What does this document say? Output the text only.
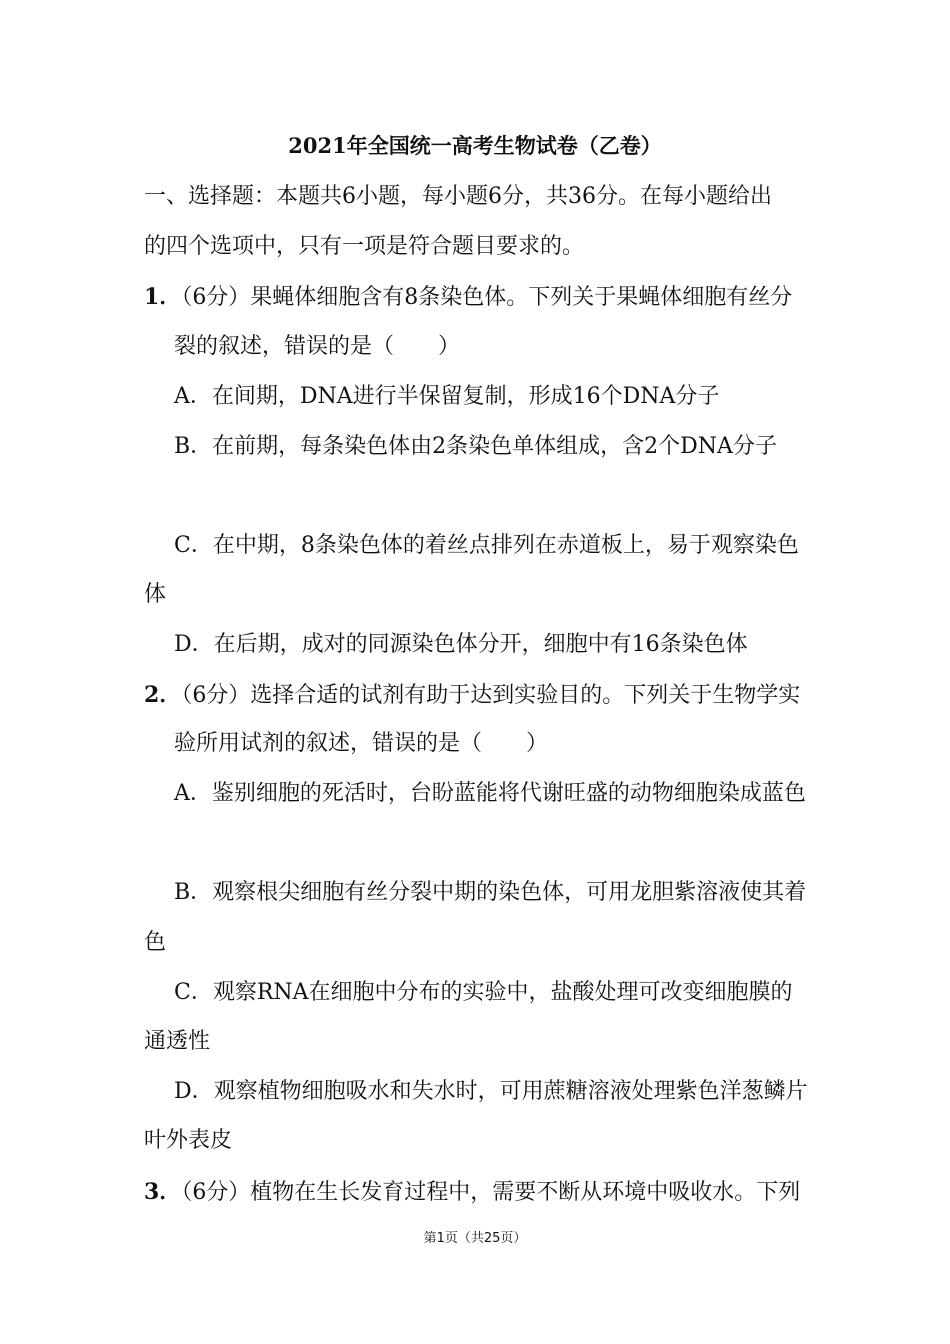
2021年全国统一高考生物试卷（乙卷）
一、选择题：本题共6小题，每小题6分，共36分。在每小题给出
的四个选项中，只有一项是符合题目要求的。
1．（6分）果蝇体细胞含有8条染色体。下列关于果蝇体细胞有丝分
裂的叙述，错误的是（　　）
A．在间期，DNA进行半保留复制，形成16个DNA分子
B．在前期，每条染色体由2条染色单体组成，含2个DNA分子
C．在中期，8条染色体的着丝点排列在赤道板上，易于观察染色
体
D．在后期，成对的同源染色体分开，细胞中有16条染色体
2．（6分）选择合适的试剂有助于达到实验目的。下列关于生物学实
验所用试剂的叙述，错误的是（　　）
A．鉴别细胞的死活时，台盼蓝能将代谢旺盛的动物细胞染成蓝色
B．观察根尖细胞有丝分裂中期的染色体，可用龙胆紫溶液使其着
色
C．观察RNA在细胞中分布的实验中，盐酸处理可改变细胞膜的
通透性
D．观察植物细胞吸水和失水时，可用蔗糖溶液处理紫色洋葱鳞片
叶外表皮
3．（6分）植物在生长发育过程中，需要不断从环境中吸收水。下列
第1页（共25页）
